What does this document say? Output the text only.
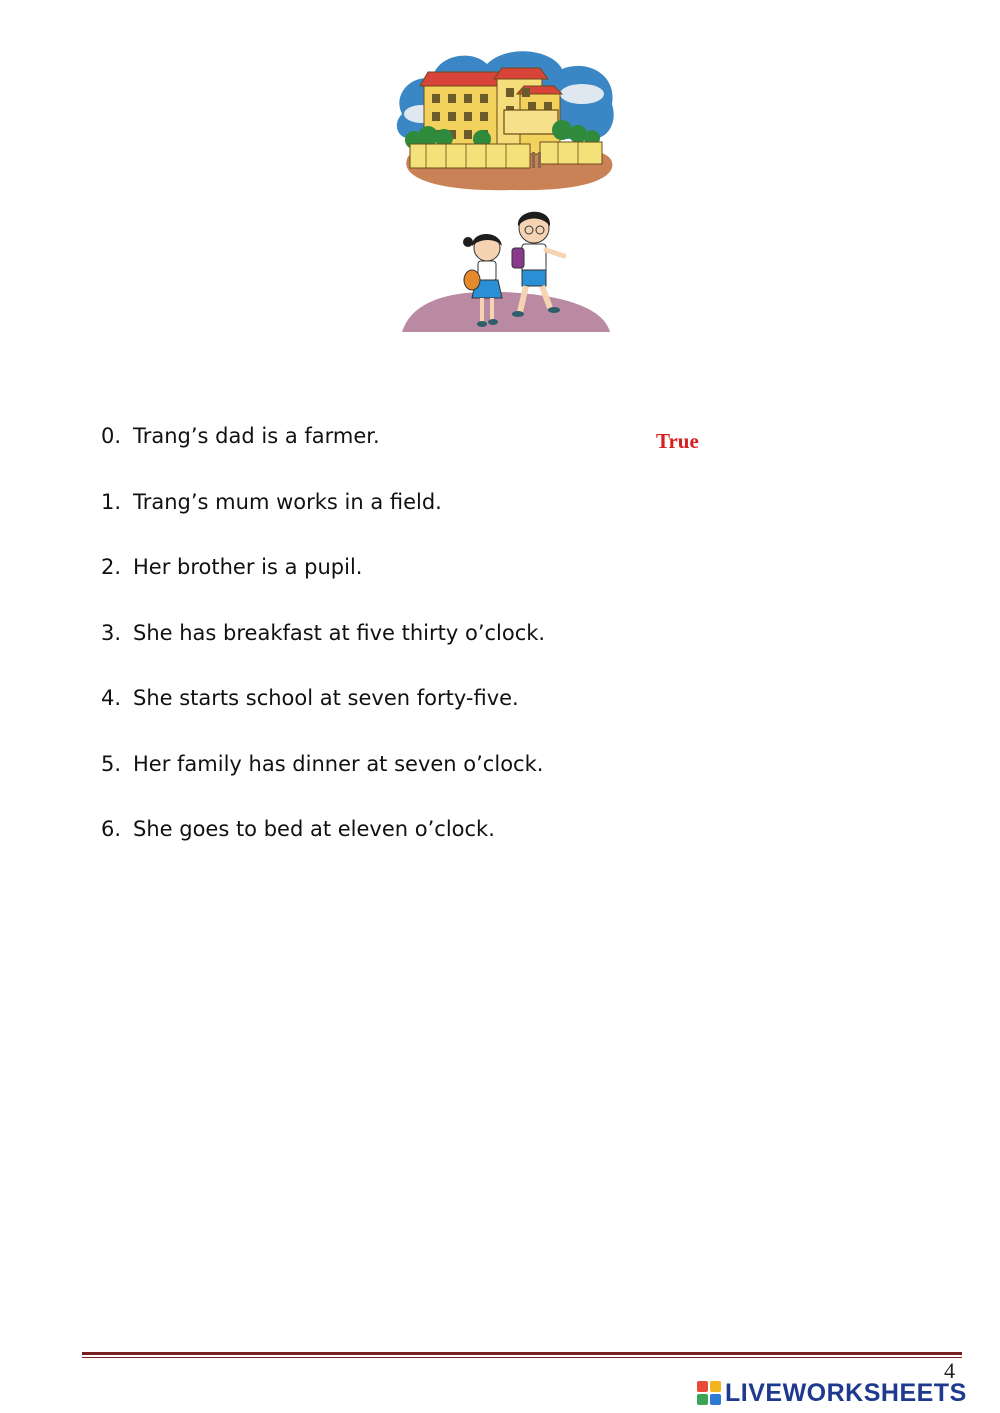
0. Trang’s dad is a farmer.
1. Trang’s mum works in a field.
2. Her brother is a pupil.
3. She has breakfast at five thirty o’clock.
4. She starts school at seven forty-five.
5. Her family has dinner at seven o’clock.
6. She goes to bed at eleven o’clock.
True
4
LIVEWORKSHEETS
